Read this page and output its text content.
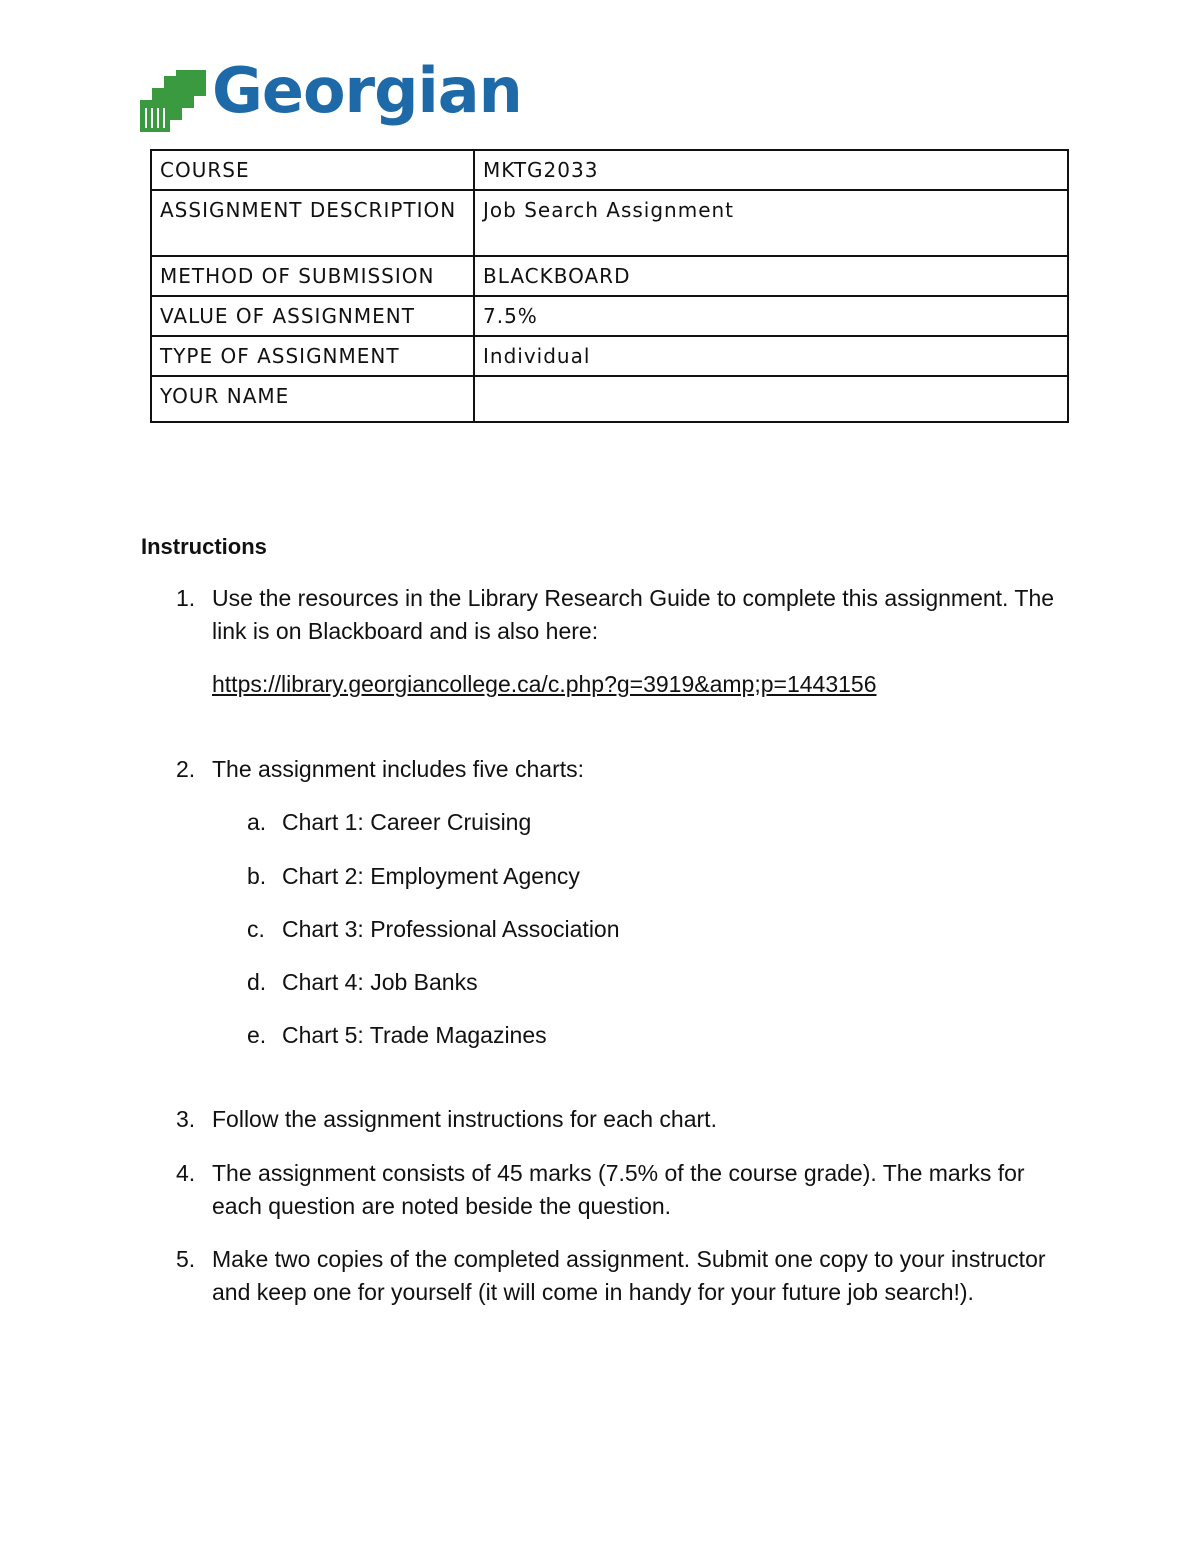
Georgian
COURSE	MKTG2033
ASSIGNMENT DESCRIPTION	Job Search Assignment
METHOD OF SUBMISSION	BLACKBOARD
VALUE OF ASSIGNMENT	7.5%
TYPE OF ASSIGNMENT	Individual
YOUR NAME	

Instructions

1. Use the resources in the Library Research Guide to complete this assignment. The link is on Blackboard and is also here:
https://library.georgiancollege.ca/c.php?g=3919&amp;p=1443156
2. The assignment includes five charts:
a. Chart 1: Career Cruising
b. Chart 2: Employment Agency
c. Chart 3: Professional Association
d. Chart 4: Job Banks
e. Chart 5: Trade Magazines
3. Follow the assignment instructions for each chart.
4. The assignment consists of 45 marks (7.5% of the course grade). The marks for each question are noted beside the question.
5. Make two copies of the completed assignment. Submit one copy to your instructor and keep one for yourself (it will come in handy for your future job search!).
